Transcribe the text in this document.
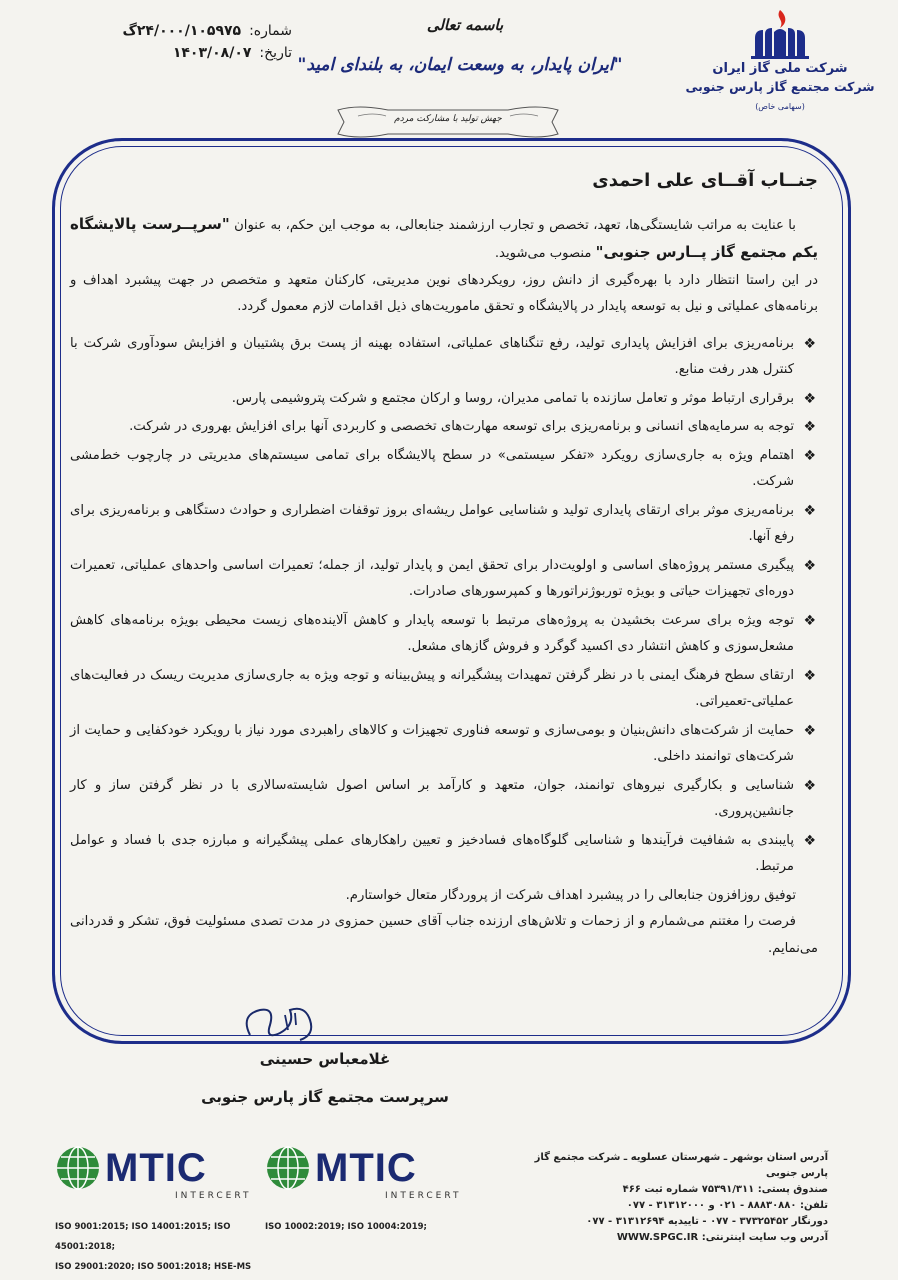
شرکت ملی گاز ایران
شرکت مجتمع گاز پارس جنوبی (سهامی خاص)
باسمه تعالی
"ایران پایدار، به وسعت ایمان، به بلندای امید"
شماره:
گ۲۴/۰۰۰/۱۰۵۹۷۵
تاریخ:
۱۴۰۳/۰۸/۰۷
جهش تولید با مشارکت مردم
جنــاب آقــای علی احمدی

با عنایت به مراتب شایستگی‌ها، تعهد، تخصص و تجارب ارزشمند جنابعالی، به موجب این حکم، به عنوان "سرپــرست پالایشگاه یکم مجتمع گاز پــارس جنوبی" منصوب می‌شوید.

در این راستا انتظار دارد با بهره‌گیری از دانش روز، رویکردهای نوین مدیریتی، کارکنان متعهد و متخصص در جهت پیشبرد اهداف و برنامه‌های عملیاتی و نیل به توسعه پایدار در پالایشگاه و تحقق ماموریت‌های ذیل اقدامات لازم معمول گردد.

❖
برنامه‌ریزی برای افزایش پایداری تولید، رفع تنگناهای عملیاتی، استفاده بهینه از پست برق پشتیبان و افزایش سودآوری شرکت با کنترل هدر رفت منابع.
❖
برقراری ارتباط موثر و تعامل سازنده با تمامی مدیران، روسا و ارکان مجتمع و شرکت پتروشیمی پارس.
❖
توجه به سرمایه‌های انسانی و برنامه‌ریزی برای توسعه مهارت‌های تخصصی و کاربردی آنها برای افزایش بهروری در شرکت.
❖
اهتمام ویژه به جاری‌سازی رویکرد «تفکر سیستمی» در سطح پالایشگاه برای تمامی سیستم‌های مدیریتی در چارچوب خط‌مشی شرکت.
❖
برنامه‌ریزی موثر برای ارتقای پایداری تولید و شناسایی عوامل ریشه‌ای بروز توقفات اضطراری و حوادث دستگاهی و برنامه‌ریزی برای رفع آنها.
❖
پیگیری مستمر پروژه‌های اساسی و اولویت‌دار برای تحقق ایمن و پایدار تولید، از جمله؛ تعمیرات اساسی واحدهای عملیاتی، تعمیرات دوره‌ای تجهیزات حیاتی و بویژه توربوژنراتورها و کمپرسورهای صادرات.
❖
توجه ویژه برای سرعت بخشیدن به پروژه‌های مرتبط با توسعه پایدار و کاهش آلاینده‌های زیست محیطی بویژه برنامه‌های کاهش مشعل‌سوزی و کاهش انتشار دی اکسید گوگرد و فروش گازهای مشعل.
❖
ارتقای سطح فرهنگ ایمنی با در نظر گرفتن تمهیدات پیشگیرانه و پیش‌بینانه و توجه ویژه به جاری‌سازی مدیریت ریسک در فعالیت‌های عملیاتی-تعمیراتی.
❖
حمایت از شرکت‌های دانش‌بنیان و بومی‌سازی و توسعه فناوری تجهیزات و کالاهای راهبردی مورد نیاز با رویکرد خودکفایی و حمایت از شرکت‌های توانمند داخلی.
❖
شناسایی و بکارگیری نیروهای توانمند، جوان، متعهد و کارآمد بر اساس اصول شایسته‌سالاری با در نظر گرفتن ساز و کار جانشین‌پروری.
❖
پایبندی به شفافیت فرآیندها و شناسایی گلوگاه‌های فسادخیز و تعیین راهکارهای عملی پیشگیرانه و مبارزه جدی با فساد و عوامل مرتبط.

توفیق روزافزون جنابعالی را در پیشبرد اهداف شرکت از پروردگار متعال خواستارم.

فرصت را مغتنم می‌شمارم و از زحمات و تلاش‌های ارزنده جناب آقای حسین حمزوی در مدت تصدی مسئولیت فوق، تشکر و قدردانی می‌نمایم.

غلامعباس حسینی
سرپرست مجتمع گاز پارس جنوبی
MTIC
INTERCERT
ISO 9001:2015; ISO 14001:2015; ISO 45001:2018;
ISO 29001:2020; ISO 5001:2018; HSE-MS
MTIC
INTERCERT
ISO 10002:2019; ISO 10004:2019;
آدرس استان بوشهر ـ شهرستان عسلویه ـ شرکت مجتمع گاز پارس جنوبی
صندوق پستی: ۷۵۳۹۱/۳۱۱ شماره ثبت ۴۶۶
تلفن: ۸۸۸۳۰۸۸۰ - ۰۲۱ و ۳۱۳۱۲۰۰۰ - ۰۷۷
دورنگار ۳۷۳۲۵۴۵۲ - ۰۷۷ - تاییدیه ۳۱۳۱۲۶۹۴ - ۰۷۷
آدرس وب سایت اینترنتی: WWW.SPGC.IR
